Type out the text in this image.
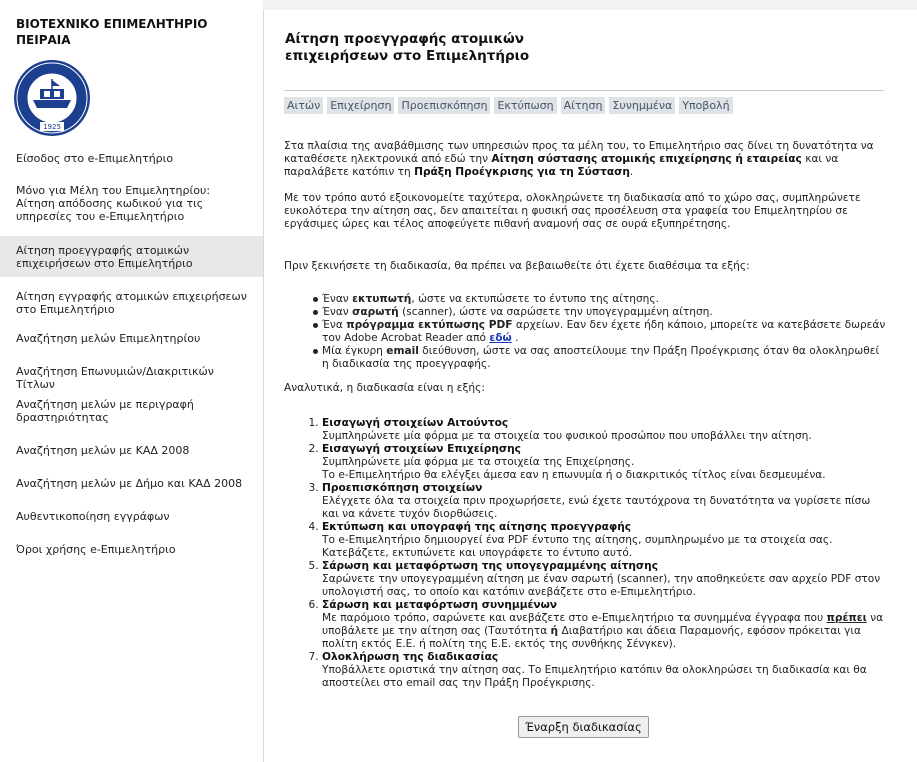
ΒΙΟΤΕΧΝΙΚΟ ΕΠΙΜΕΛΗΤΗΡΙΟ ΠΕΙΡΑΙΑ
1925
Είσοδος στο e-Επιμελητήριο
Μόνο για Μέλη του Επιμελητηρίου: Αίτηση απόδοσης κωδικού για τις υπηρεσίες του e-Επιμελητήριο
Αίτηση προεγγραφής ατομικών επιχειρήσεων στο Επιμελητήριο
Αίτηση εγγραφής ατομικών επιχειρήσεων στο Επιμελητήριο
Αναζήτηση μελών Επιμελητηρίου
Αναζήτηση Επωνυμιών/Διακριτικών Τίτλων
Αναζήτηση μελών με περιγραφή δραστηριότητας
Αναζήτηση μελών με ΚΑΔ 2008
Αναζήτηση μελών με Δήμο και ΚΑΔ 2008
Αυθεντικοποίηση εγγράφων
Όροι χρήσης e-Επιμελητήριο
Αίτηση προεγγραφής ατομικών επιχειρήσεων στο Επιμελητήριο
Αιτών Επιχείρηση Προεπισκόπηση Εκτύπωση Αίτηση Συνημμένα Υποβολή

Στα πλαίσια της αναβάθμισης των υπηρεσιών προς τα μέλη του, το Επιμελητήριο σας δίνει τη δυνατότητα να καταθέσετε ηλεκτρονικά από εδώ την Αίτηση σύστασης ατομικής επιχείρησης ή εταιρείας και να παραλάβετε κατόπιν τη Πράξη Προέγκρισης για τη Σύσταση.

Με τον τρόπο αυτό εξοικονομείτε ταχύτερα, ολοκληρώνετε τη διαδικασία από το χώρο σας, συμπληρώνετε ευκολότερα την αίτηση σας, δεν απαιτείται η φυσική σας προσέλευση στα γραφεία του Επιμελητηρίου σε εργάσιμες ώρες και τέλος αποφεύγετε πιθανή αναμονή σας σε ουρά εξυπηρέτησης.

Πριν ξεκινήσετε τη διαδικασία, θα πρέπει να βεβαιωθείτε ότι έχετε διαθέσιμα τα εξής:

Έναν εκτυπωτή, ώστε να εκτυπώσετε το έντυπο της αίτησης.
Έναν σαρωτή (scanner), ώστε να σαρώσετε την υπογεγραμμένη αίτηση.
Ένα πρόγραμμα εκτύπωσης PDF αρχείων. Εαν δεν έχετε ήδη κάποιο, μπορείτε να κατεβάσετε δωρεάν τον Adobe Acrobat Reader από εδώ .
Μία έγκυρη email διεύθυνση, ώστε να σας αποστείλουμε την Πράξη Προέγκρισης όταν θα ολοκληρωθεί η διαδικασία της προεγγραφής.
Αναλυτικά, η διαδικασία είναι η εξής:
1. Εισαγωγή στοιχείων Αιτούντος
Συμπληρώνετε μία φόρμα με τα στοιχεία του φυσικού προσώπου που υποβάλλει την αίτηση.
2. Εισαγωγή στοιχείων Επιχείρησης
Συμπληρώνετε μία φόρμα με τα στοιχεία της Επιχείρησης.
Το e-Επιμελητήριο θα ελέγξει άμεσα εαν η επωνυμία ή ο διακριτικός τίτλος είναι δεσμευμένα.
3. Προεπισκόπηση στοιχείων
Ελέγχετε όλα τα στοιχεία πριν προχωρήσετε, ενώ έχετε ταυτόχρονα τη δυνατότητα να γυρίσετε πίσω και να κάνετε τυχόν διορθώσεις.
4. Εκτύπωση και υπογραφή της αίτησης προεγγραφής
Το e-Επιμελητήριο δημιουργεί ένα PDF έντυπο της αίτησης, συμπληρωμένο με τα στοιχεία σας. Κατεβάζετε, εκτυπώνετε και υπογράφετε το έντυπο αυτό.
5. Σάρωση και μεταφόρτωση της υπογεγραμμένης αίτησης
Σαρώνετε την υπογεγραμμένη αίτηση με έναν σαρωτή (scanner), την αποθηκεύετε σαν αρχείο PDF στον υπολογιστή σας, το οποίο και κατόπιν ανεβάζετε στο e-Επιμελητήριο.
6. Σάρωση και μεταφόρτωση συνημμένων
Με παρόμοιο τρόπο, σαρώνετε και ανεβάζετε στο e-Επιμελητήριο τα συνημμένα έγγραφα που πρέπει να υποβάλετε με την αίτηση σας (Ταυτότητα ή Διαβατήριο και άδεια Παραμονής, εφόσον πρόκειται για πολίτη εκτός Ε.Ε. ή πολίτη της Ε.Ε. εκτός της συνθήκης Σένγκεν).
7. Ολοκλήρωση της διαδικασίας
Υποβάλλετε οριστικά την αίτηση σας. Το Επιμελητήριο κατόπιν θα ολοκληρώσει τη διαδικασία και θα αποστείλει στο email σας την Πράξη Προέγκρισης.
Έναρξη διαδικασίας
